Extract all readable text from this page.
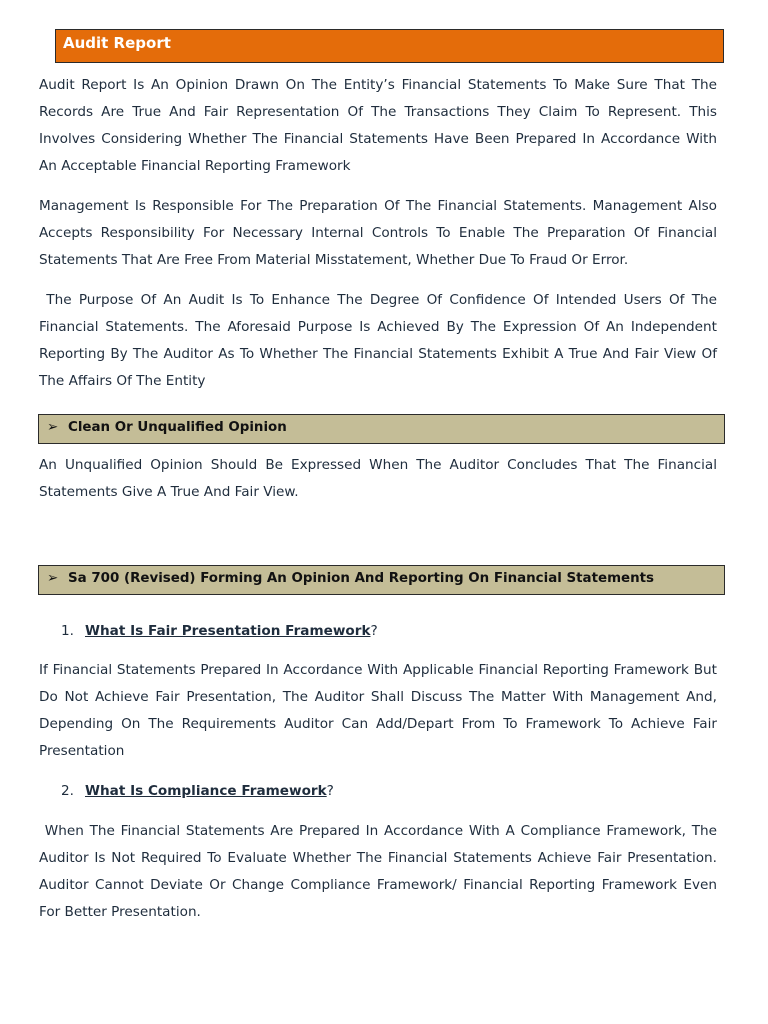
Audit Report
Audit Report Is An Opinion Drawn On The Entity’s Financial Statements To Make Sure That The Records Are True And Fair Representation Of The Transactions They Claim To Represent. This Involves Considering Whether The Financial Statements Have Been Prepared In Accordance With An Acceptable Financial Reporting Framework
Management Is Responsible For The Preparation Of The Financial Statements. Management Also Accepts Responsibility For Necessary Internal Controls To Enable The Preparation Of Financial Statements That Are Free From Material Misstatement, Whether Due To Fraud Or Error.
The Purpose Of An Audit Is To Enhance The Degree Of Confidence Of Intended Users Of The Financial Statements. The Aforesaid Purpose Is Achieved By The Expression Of An Independent Reporting By The Auditor As To Whether The Financial Statements Exhibit A True And Fair View Of The Affairs Of The Entity
➢ Clean Or Unqualified Opinion
An Unqualified Opinion Should Be Expressed When The Auditor Concludes That The Financial Statements Give A True And Fair View.
➢ Sa 700 (Revised) Forming An Opinion And Reporting On Financial Statements
1. What Is Fair Presentation Framework?
If Financial Statements Prepared In Accordance With Applicable Financial Reporting Framework But Do Not Achieve Fair Presentation, The Auditor Shall Discuss The Matter With Management And, Depending On The Requirements Auditor Can Add/Depart From To Framework To Achieve Fair Presentation
2. What Is Compliance Framework?
When The Financial Statements Are Prepared In Accordance With A Compliance Framework, The Auditor Is Not Required To Evaluate Whether The Financial Statements Achieve Fair Presentation. Auditor Cannot Deviate Or Change Compliance Framework/ Financial Reporting Framework Even For Better Presentation.
